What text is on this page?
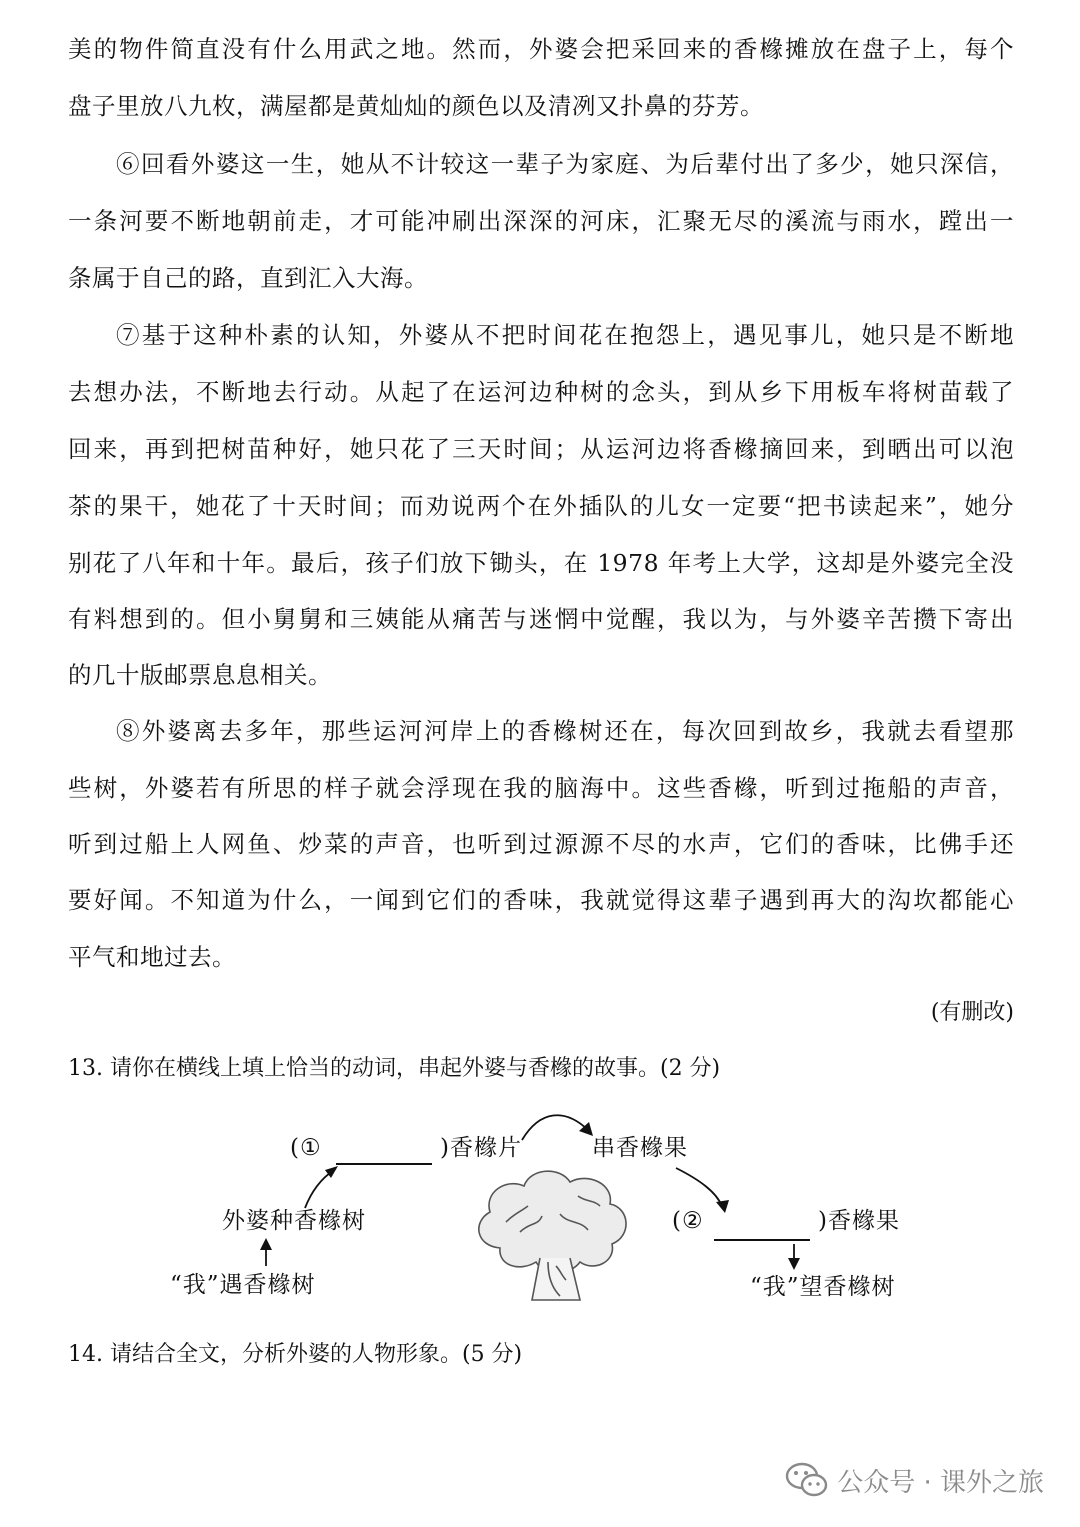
美的物件简直没有什么用武之地。然而，外婆会把采回来的香橼摊放在盘子上，每个
盘子里放八九枚，满屋都是黄灿灿的颜色以及清冽又扑鼻的芬芳。
⑥回看外婆这一生，她从不计较这一辈子为家庭、为后辈付出了多少，她只深信，
一条河要不断地朝前走，才可能冲刷出深深的河床，汇聚无尽的溪流与雨水，蹚出一
条属于自己的路，直到汇入大海。
⑦基于这种朴素的认知，外婆从不把时间花在抱怨上，遇见事儿，她只是不断地
去想办法，不断地去行动。从起了在运河边种树的念头，到从乡下用板车将树苗载了
回来，再到把树苗种好，她只花了三天时间；从运河边将香橼摘回来，到晒出可以泡
茶的果干，她花了十天时间；而劝说两个在外插队的儿女一定要“把书读起来”，她分
别花了八年和十年。最后，孩子们放下锄头，在 1978 年考上大学，这却是外婆完全没
有料想到的。但小舅舅和三姨能从痛苦与迷惘中觉醒，我以为，与外婆辛苦攒下寄出
的几十版邮票息息相关。
⑧外婆离去多年，那些运河河岸上的香橼树还在，每次回到故乡，我就去看望那
些树，外婆若有所思的样子就会浮现在我的脑海中。这些香橼，听到过拖船的声音，
听到过船上人网鱼、炒菜的声音，也听到过源源不尽的水声，它们的香味，比佛手还
要好闻。不知道为什么，一闻到它们的香味，我就觉得这辈子遇到再大的沟坎都能心
平气和地过去。
(有删改)
13. 请你在横线上填上恰当的动词，串起外婆与香橼的故事。(2 分)
(①	)香橼片	串香橼果
外婆种香橼树	(②	)香橼果
“我”遇香橼树	“我”望香橼树
14. 请结合全文，分析外婆的人物形象。(5 分)
公众号 · 课外之旅
